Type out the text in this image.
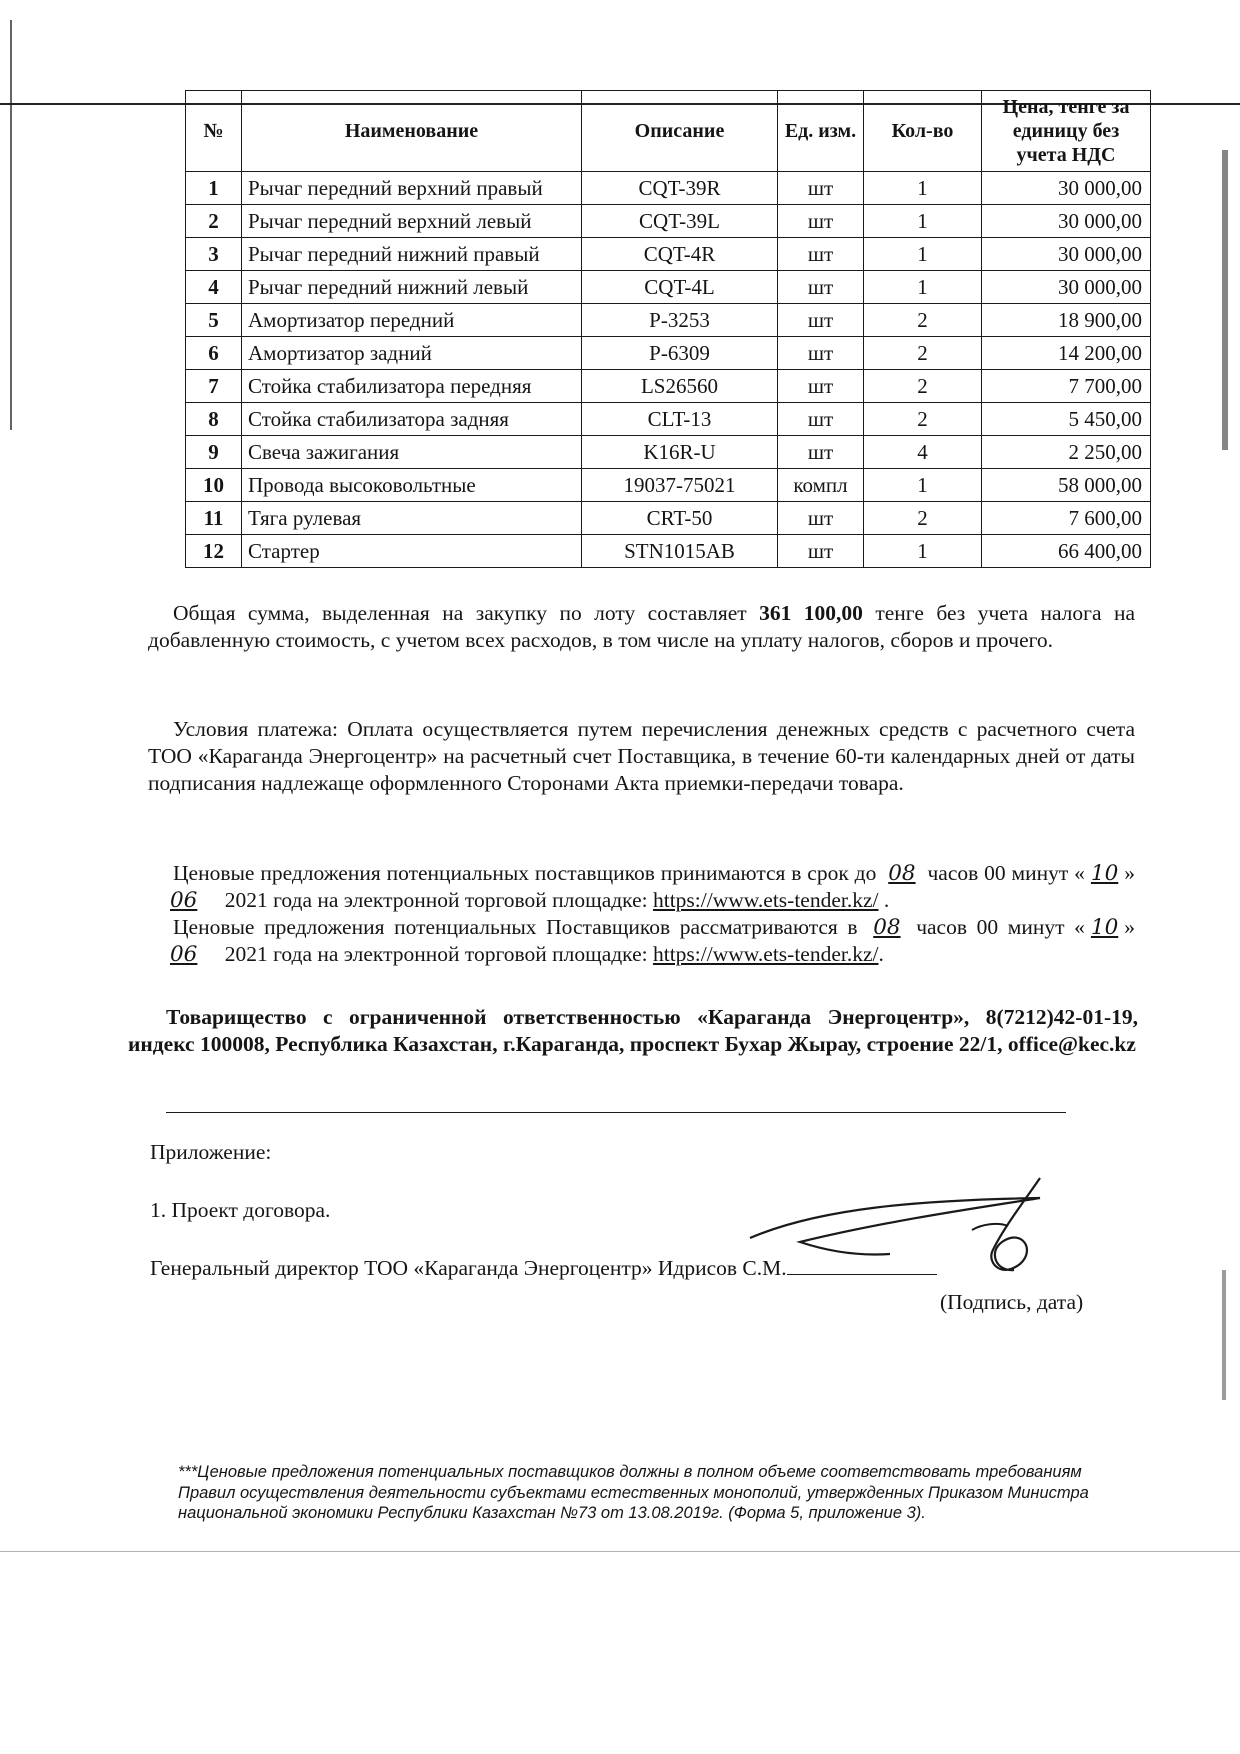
№	Наименование	Описание	Ед. изм.	Кол-во	Цена, тенге за единицу без учета НДС
1	Рычаг передний верхний правый	CQT-39R	шт	1	30 000,00
2	Рычаг передний верхний левый	CQT-39L	шт	1	30 000,00
3	Рычаг передний нижний правый	CQT-4R	шт	1	30 000,00
4	Рычаг передний нижний левый	CQT-4L	шт	1	30 000,00
5	Амортизатор передний	P-3253	шт	2	18 900,00
6	Амортизатор задний	P-6309	шт	2	14 200,00
7	Стойка стабилизатора передняя	LS26560	шт	2	7 700,00
8	Стойка стабилизатора задняя	CLT-13	шт	2	5 450,00
9	Свеча зажигания	K16R-U	шт	4	2 250,00
10	Провода высоковольтные	19037-75021	компл	1	58 000,00
11	Тяга рулевая	CRT-50	шт	2	7 600,00
12	Стартер	STN1015AB	шт	1	66 400,00
Общая сумма, выделенная на закупку по лоту составляет 361 100,00 тенге без учета налога на добавленную стоимость, с учетом всех расходов, в том числе на уплату налогов, сборов и прочего.
Условия платежа: Оплата осуществляется путем перечисления денежных средств с расчетного счета ТОО «Караганда Энергоцентр» на расчетный счет Поставщика, в течение 60-ти календарных дней от даты подписания надлежаще оформленного Сторонами Акта приемки-передачи товара.
Ценовые предложения потенциальных поставщиков принимаются в срок до 08 часов 00 минут « 10 » 06 2021 года на электронной торговой площадке: https://www.ets-tender.kz/ .
Ценовые предложения потенциальных Поставщиков рассматриваются в 08 часов 00 минут « 10 » 06 2021 года на электронной торговой площадке: https://www.ets-tender.kz/.
Товарищество с ограниченной ответственностью «Караганда Энергоцентр», 8(7212)42-01-19, индекс 100008, Республика Казахстан, г.Караганда, проспект Бухар Жырау, строение 22/1, office@kec.kz
Приложение:
1. Проект договора.
Генеральный директор ТОО «Караганда Энергоцентр» Идрисов С.М.
(Подпись, дата)
***Ценовые предложения потенциальных поставщиков должны в полном объеме соответствовать требованиям Правил осуществления деятельности субъектами естественных монополий, утвержденных Приказом Министра национальной экономики Республики Казахстан №73 от 13.08.2019г. (Форма 5, приложение 3).
